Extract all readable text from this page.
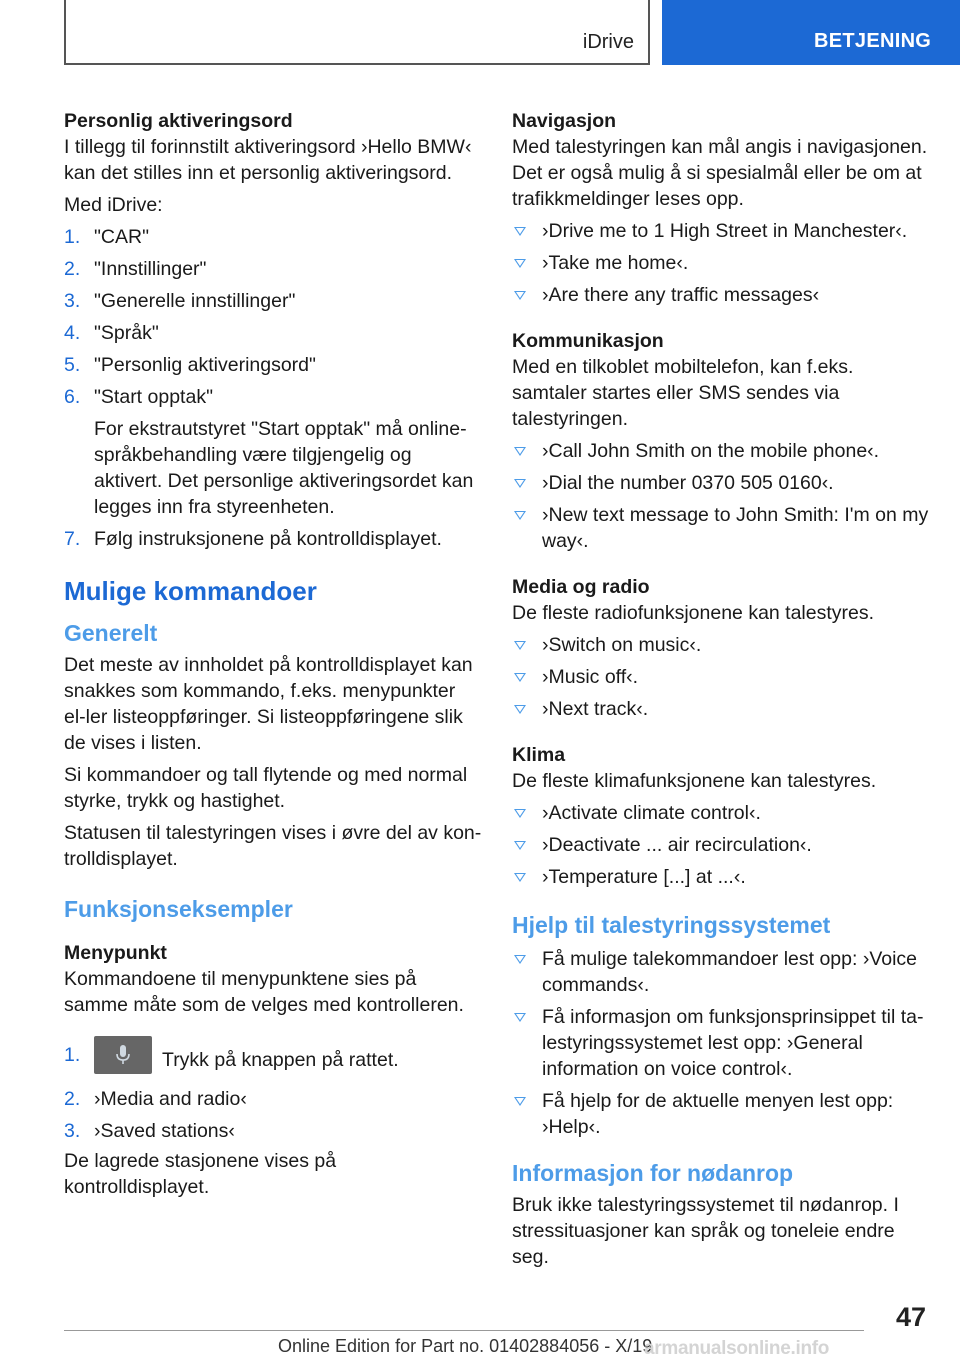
iDrive	BETJENING
Personlig aktiveringsord

I tillegg til forinnstilt aktiveringsord ›Hello BMW‹ kan det stilles inn et personlig aktiveringsord.

Med iDrive:

1. "CAR"
2. "Innstillinger"
3. "Generelle innstillinger"
4. "Språk"
5. "Personlig aktiveringsord"
6. "Start opptak"
For ekstrautstyret "Start opptak" må online-språkbehandling være tilgjengelig og aktivert. Det personlige aktiveringsordet kan legges inn fra styreenheten.
7. Følg instruksjonene på kontrolldisplayet.
Mulige kommandoer
Generelt

Det meste av innholdet på kontrolldisplayet kan snakkes som kommando, f.eks. menypunkter el-ler listeoppføringer. Si listeoppføringene slik de vises i listen.

Si kommandoer og tall flytende og med normal styrke, trykk og hastighet.

Statusen til talestyringen vises i øvre del av kon-trolldisplayet.

Funksjonseksempler
Menypunkt

Kommandoene til menypunktene sies på samme måte som de velges med kontrolleren.

1.	Trykk på knappen på rattet.
2. ›Media and radio‹
3. ›Saved stations‹

De lagrede stasjonene vises på kontrolldisplayet.

Navigasjon

Med talestyringen kan mål angis i navigasjonen. Det er også mulig å si spesialmål eller be om at trafikkmeldinger leses opp.

›Drive me to 1 High Street in Manchester‹.
›Take me home‹.
›Are there any traffic messages‹
Kommunikasjon

Med en tilkoblet mobiltelefon, kan f.eks. samtaler startes eller SMS sendes via talestyringen.

›Call John Smith on the mobile phone‹.
›Dial the number 0370 505 0160‹.
›New text message to John Smith: I'm on my way‹.
Media og radio

De fleste radiofunksjonene kan talestyres.

›Switch on music‹.
›Music off‹.
›Next track‹.
Klima

De fleste klimafunksjonene kan talestyres.

›Activate climate control‹.
›Deactivate ... air recirculation‹.
›Temperature [...] at ...‹.
Hjelp til talestyringssystemet
Få mulige talekommandoer lest opp: ›Voice commands‹.
Få informasjon om funksjonsprinsippet til ta-lestyringssystemet lest opp: ›General information on voice control‹.
Få hjelp for de aktuelle menyen lest opp: ›Help‹.
Informasjon for nødanrop

Bruk ikke talestyringssystemet til nødanrop. I stressituasjoner kan språk og toneleie endre seg.

47
Online Edition for Part no. 01402884056 - X/19
armanualsonline.info
